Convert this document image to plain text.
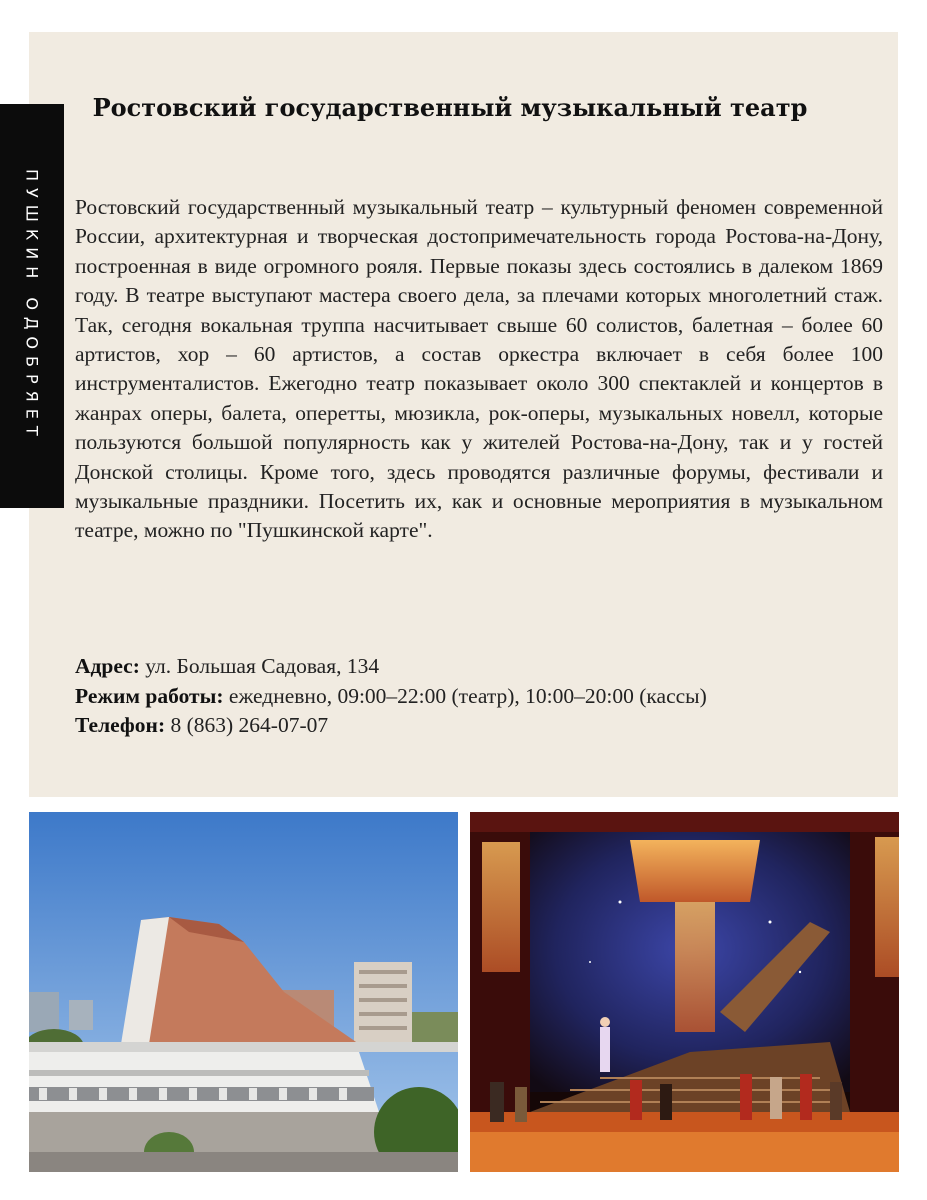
ПУШКИН ОДОБРЯЕТ
Ростовский государственный музыкальный театр

Ростовский государственный музыкальный театр – культурный феномен современной России, архитектурная и творческая достопримечательность города Ростова-на-Дону, построенная в виде огромного рояля. Первые показы здесь состоялись в далеком 1869 году. В театре выступают мастера своего дела, за плечами которых многолетний стаж. Так, сегодня вокальная труппа насчитывает свыше 60 солистов, балетная – более 60 артистов, хор – 60 артистов, а состав оркестра включает в себя более 100 инструменталистов. Ежегодно театр показывает около 300 спектаклей и концертов в жанрах оперы, балета, оперетты, мюзикла, рок-оперы, музыкальных новелл, которые пользуются большой популярность как у жителей Ростова-на-Дону, так и у гостей Донской столицы. Кроме того, здесь проводятся различные форумы, фестивали и музыкальные праздники. Посетить их, как и основные мероприятия в музыкальном театре, можно по "Пушкинской карте".

Адрес: ул. Большая Садовая, 134
Режим работы: ежедневно, 09:00–22:00 (театр), 10:00–20:00 (кассы)
Телефон: 8 (863) 264-07-07
